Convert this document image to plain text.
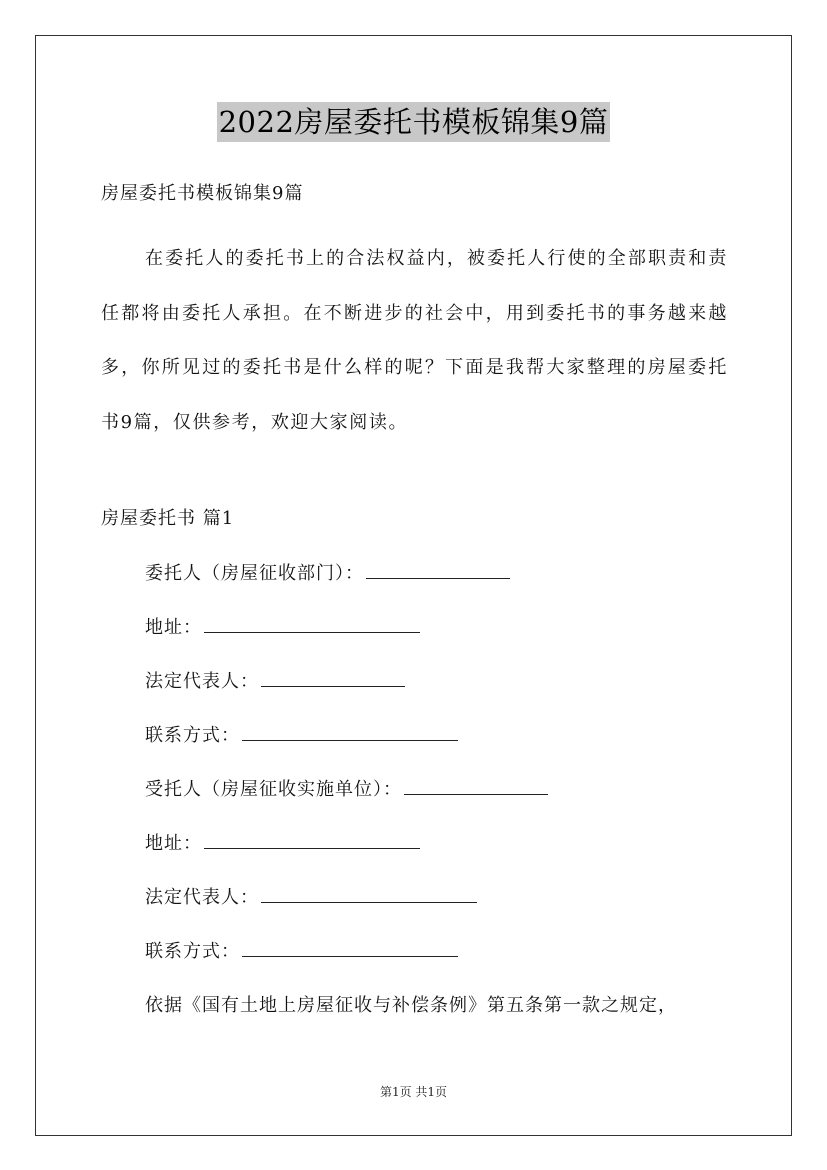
2022房屋委托书模板锦集9篇
房屋委托书模板锦集9篇
在委托人的委托书上的合法权益内，被委托人行使的全部职责和责任都将由委托人承担。在不断进步的社会中，用到委托书的事务越来越多，你所见过的委托书是什么样的呢？下面是我帮大家整理的房屋委托书9篇，仅供参考，欢迎大家阅读。
房屋委托书 篇1
委托人（房屋征收部门）：
地址：
法定代表人：
联系方式：
受托人（房屋征收实施单位）：
地址：
法定代表人：
联系方式：
依据《国有土地上房屋征收与补偿条例》第五条第一款之规定，
第1页 共1页
